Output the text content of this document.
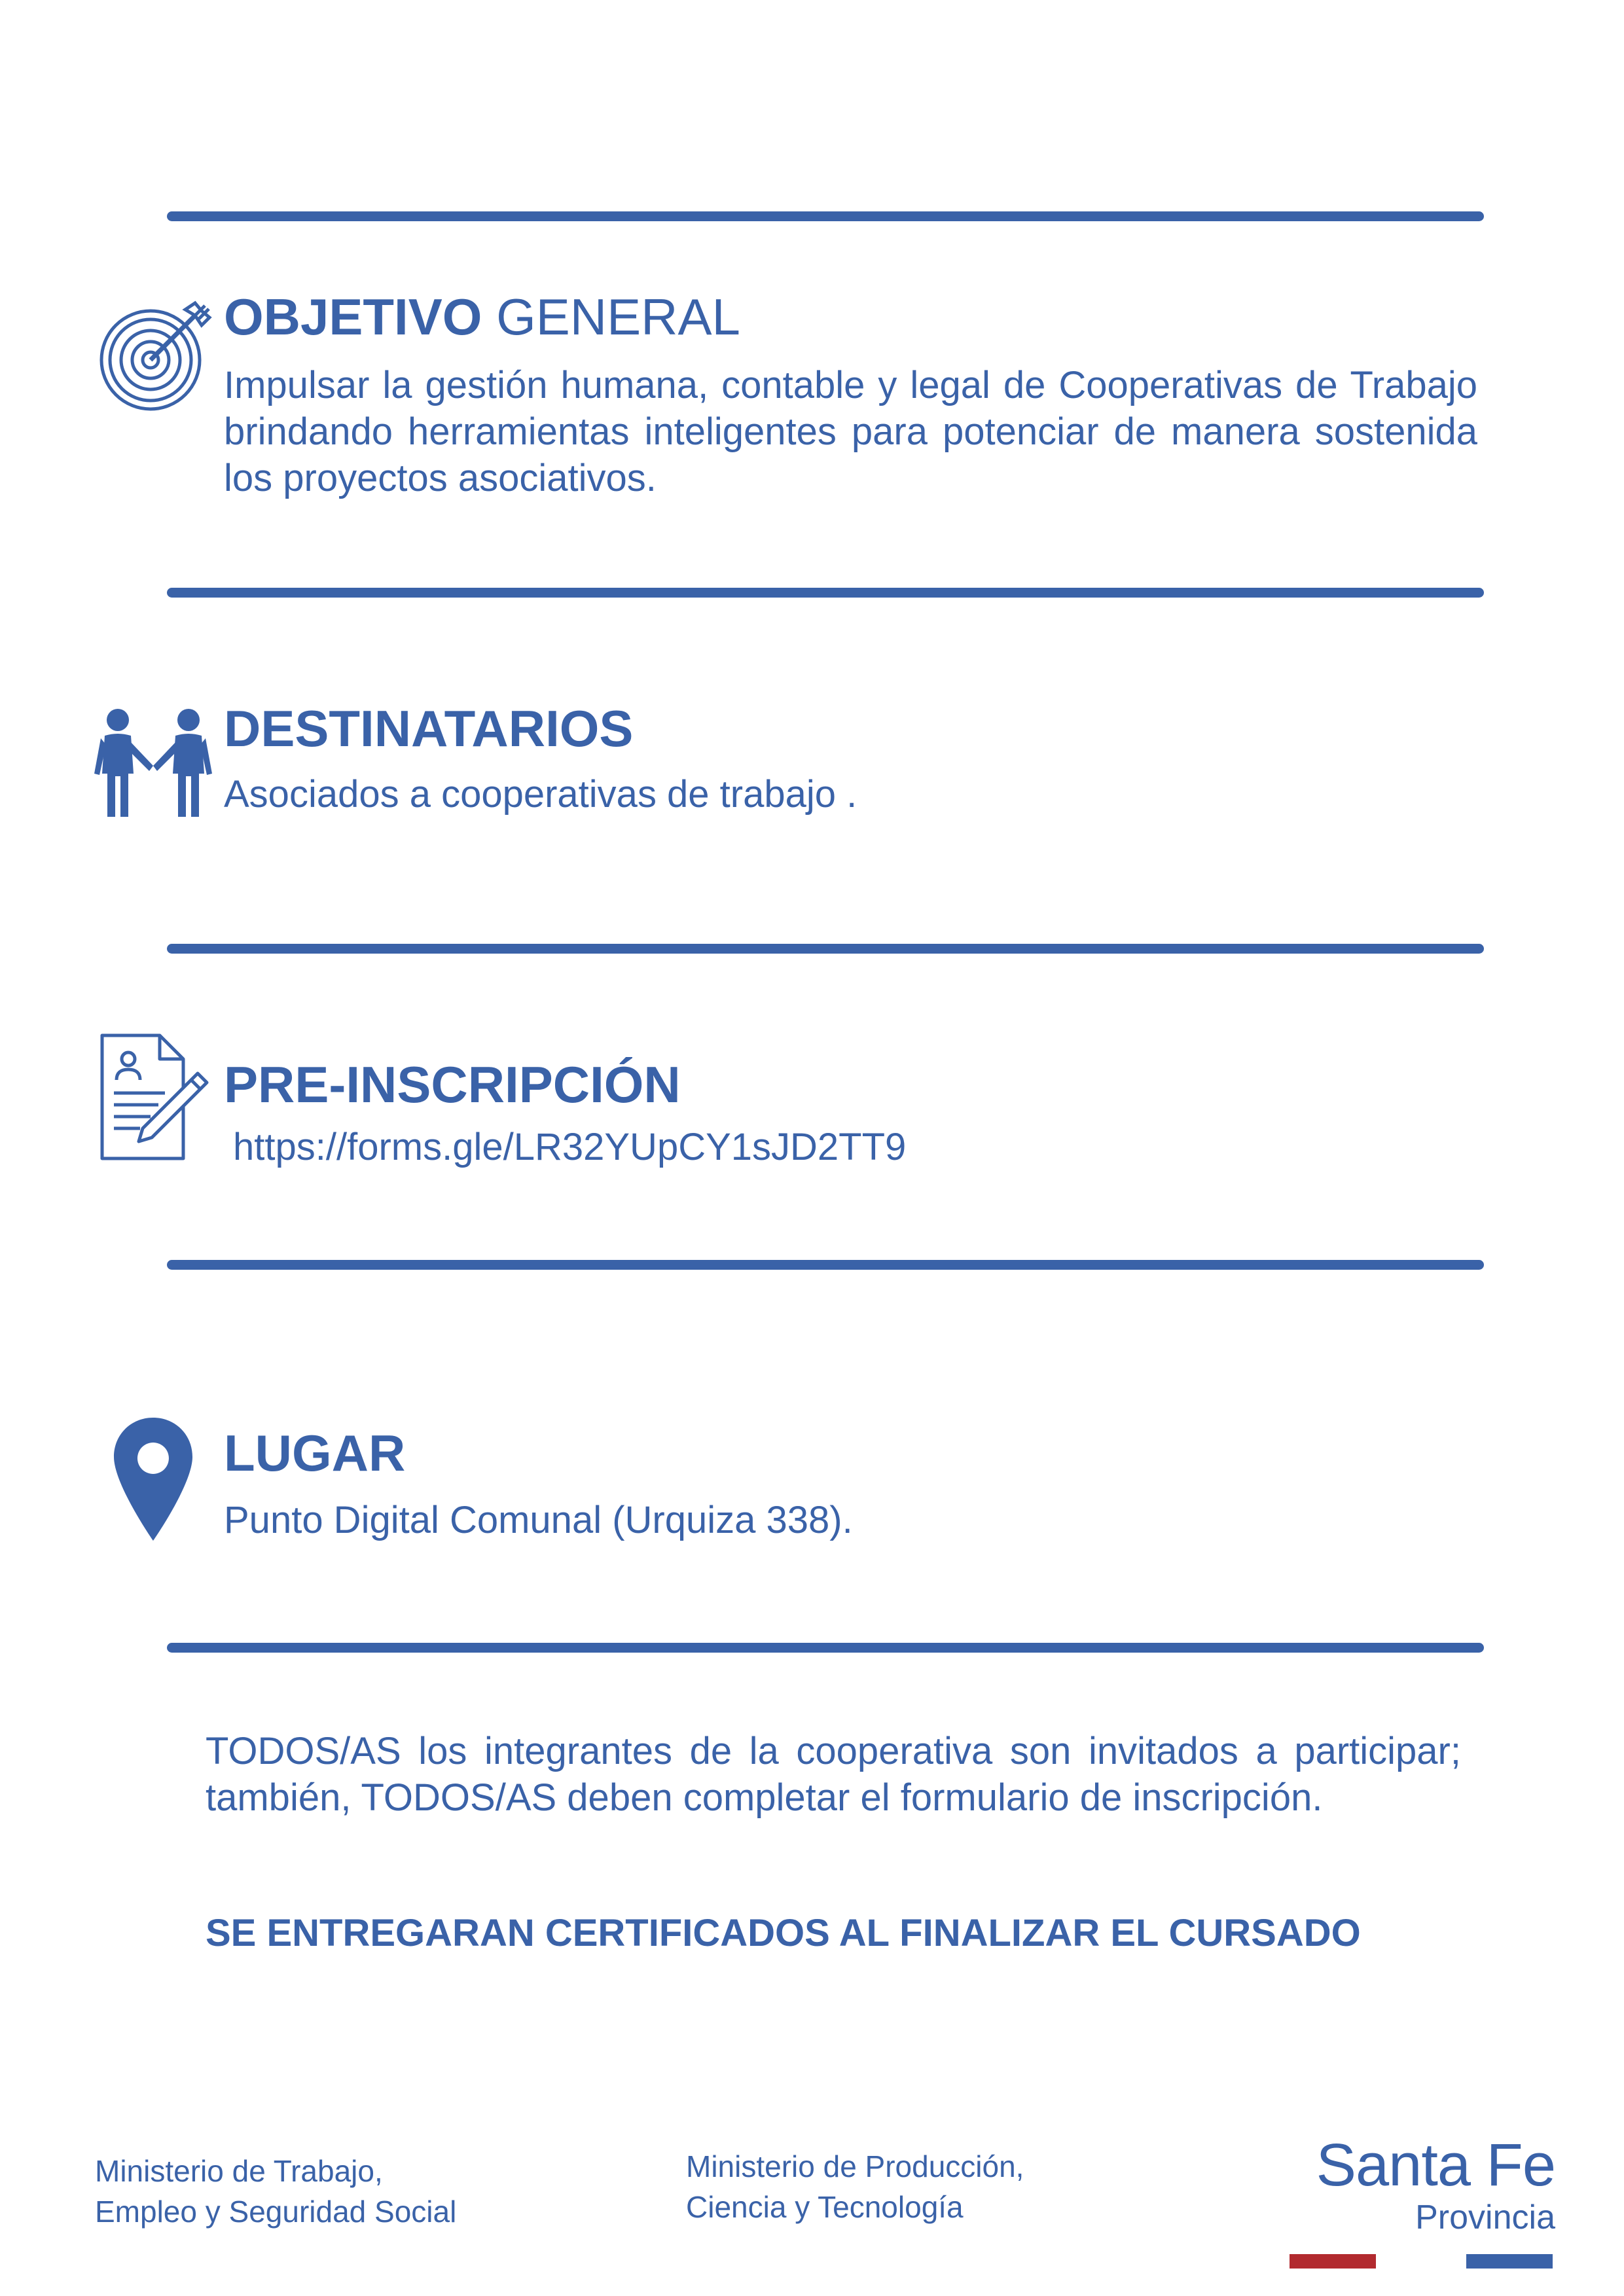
OBJETIVO GENERAL

Impulsar la gestión humana, contable y legal de Cooperativas de Trabajo brindando herramientas inteligentes para potenciar de manera sostenida los proyectos asociativos.

DESTINATARIOS

Asociados a cooperativas de trabajo .

PRE-INSCRIPCIÓN
https://forms.gle/LR32YUpCY1sJD2TT9
LUGAR

Punto Digital Comunal (Urquiza 338).

TODOS/AS los integrantes de la cooperativa son invitados a participar; también, TODOS/AS deben completar el formulario de inscripción.

SE ENTREGARAN CERTIFICADOS AL FINALIZAR EL CURSADO

Ministerio de Trabajo,
Empleo y Seguridad Social

Ministerio de Producción,
Ciencia y Tecnología

Santa Fe
Provincia
